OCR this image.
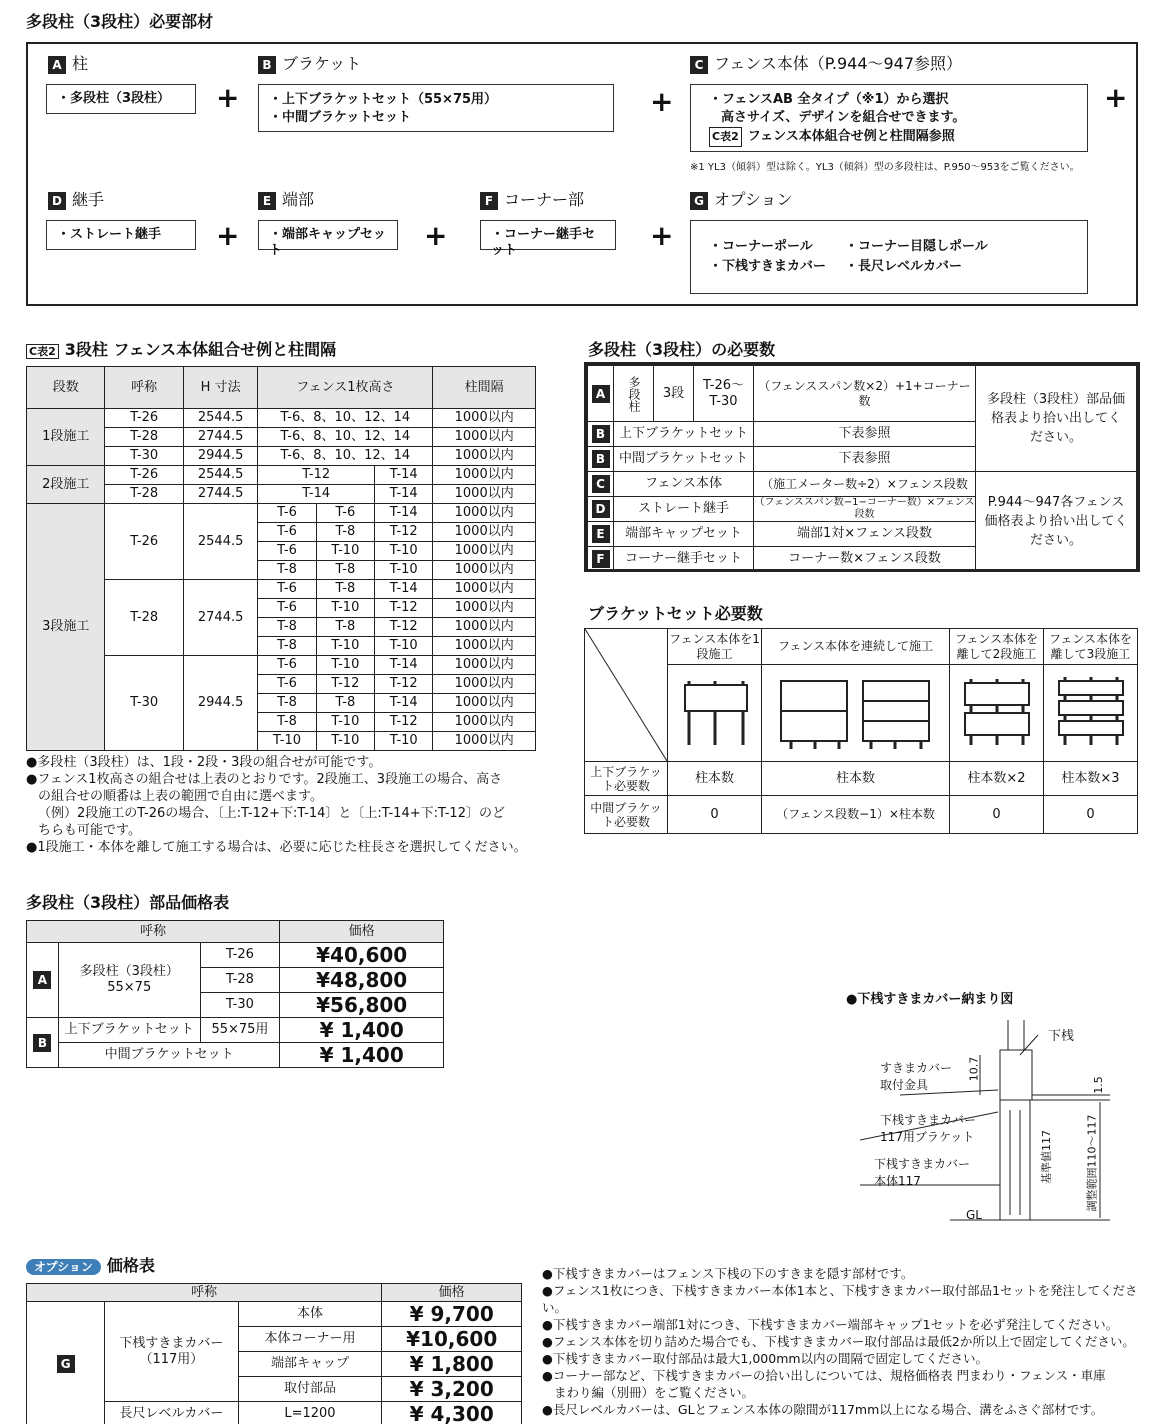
多段柱（3段柱）必要部材
A 柱
・多段柱（3段柱）	+
B ブラケット
・上下ブラケットセット（55×75用）
・中間ブラケットセット	+
C フェンス本体（P.944〜947参照）
・フェンスAB 全タイプ（※1）から選択
高さサイズ、デザインを組合せできます。
C表2 フェンス本体組合せ例と柱間隔参照
+
※1 YL3（傾斜）型は除く。YL3（傾斜）型の多段柱は、P.950〜953をご覧ください。
D 継手
・ストレート継手	+
E 端部
・端部キャップセット	+
F コーナー部
・コーナー継手セット	+
G オプション
・コーナーポール ・コーナー目隠しポール
・下桟すきまカバー ・長尺レベルカバー
C表2 3段柱 フェンス本体組合せ例と柱間隔
段数	呼称	H 寸法	フェンス1枚高さ			柱間隔
1段施工	T-26	2544.5	T-6、8、10、12、14			1000以内
	T-28	2744.5	T-6、8、10、12、14			1000以内
	T-30	2944.5	T-6、8、10、12、14			1000以内
2段施工	T-26	2544.5	T-12		T-14	1000以内
	T-28	2744.5	T-14		T-14	1000以内
3段施工	T-26	2544.5	T-6	T-6	T-14	1000以内
			T-6	T-8	T-12	1000以内
			T-6	T-10	T-10	1000以内
			T-8	T-8	T-10	1000以内
	T-28	2744.5	T-6	T-8	T-14	1000以内
			T-6	T-10	T-12	1000以内
			T-8	T-8	T-12	1000以内
			T-8	T-10	T-10	1000以内
	T-30	2944.5	T-6	T-10	T-14	1000以内
			T-6	T-12	T-12	1000以内
			T-8	T-8	T-14	1000以内
			T-8	T-10	T-12	1000以内
			T-10	T-10	T-10	1000以内
●多段柱（3段柱）は、1段・2段・3段の組合せが可能です。
●フェンス1枚高さの組合せは上表のとおりです。2段施工、3段施工の場合、高さ
の組合せの順番は上表の範囲で自由に選べます。
（例）2段施工のT-26の場合、〔上:T-12+下:T-14〕と〔上:T-14+下:T-12〕のど
ちらも可能です。
●1段施工・本体を離して施工する場合は、必要に応じた柱長さを選択してください。
多段柱（3段柱）の必要数
A	多段柱	3段	T-26〜T-30	（フェンススパン数×2）+1+コーナー数	多段柱（3段柱）部品価格表より拾い出してください。
B	上下ブラケットセット			下表参照	
B	中間ブラケットセット			下表参照	
C	フェンス本体			（施工メーター数÷2）×フェンス段数	P.944〜947各フェンス価格表より拾い出してください。
D	ストレート継手			（フェンススパン数−1−コーナー数）×フェンス段数	
E	端部キャップセット			端部1対×フェンス段数	
F	コーナー継手セット			コーナー数×フェンス段数	
ブラケットセット必要数
	フェンス本体を1段施工	フェンス本体を連続して施工	フェンス本体を離して2段施工	フェンス本体を離して3段施工

上下ブラケット必要数	柱本数	柱本数	柱本数×2	柱本数×3
中間ブラケット必要数	0	（フェンス段数−1）×柱本数	0	0
多段柱（3段柱）部品価格表
呼称			価格
A	多段柱（3段柱）55×75	T-26	¥40,600
		T-28	¥48,800
		T-30	¥56,800
B	上下ブラケットセット	55×75用	¥ 1,400
	中間ブラケットセット		¥ 1,400
●下桟すきまカバー納まり図
下桟
すきまカバー取付金具
下桟すきまカバー117用ブラケット
下桟すきまカバー本体117
GL
10.7
1.5
基準値117	調整範囲110〜117
オプション 価格表
呼称			価格
G	下桟すきまカバー（117用）	本体	¥ 9,700
		本体コーナー用	¥10,600
		端部キャップ	¥ 1,800
		取付部品	¥ 3,200
	長尺レベルカバー	L=1200	¥ 4,300
●下桟すきまカバーはフェンス下桟の下のすきまを隠す部材です。
●フェンス1枚につき、下桟すきまカバー本体1本と、下桟すきまカバー取付部品1セットを発注してください。
●下桟すきまカバー端部1対につき、下桟すきまカバー端部キャップ1セットを必ず発注してください。
●フェンス本体を切り詰めた場合でも、下桟すきまカバー取付部品は最低2か所以上で固定してください。
●下桟すきまカバー取付部品は最大1,000mm以内の間隔で固定してください。
●コーナー部など、下桟すきまカバーの拾い出しについては、規格価格表 門まわり・フェンス・車庫
まわり編（別冊）をご覧ください。
●長尺レベルカバーは、GLとフェンス本体の隙間が117mm以上になる場合、溝をふさぐ部材です。
